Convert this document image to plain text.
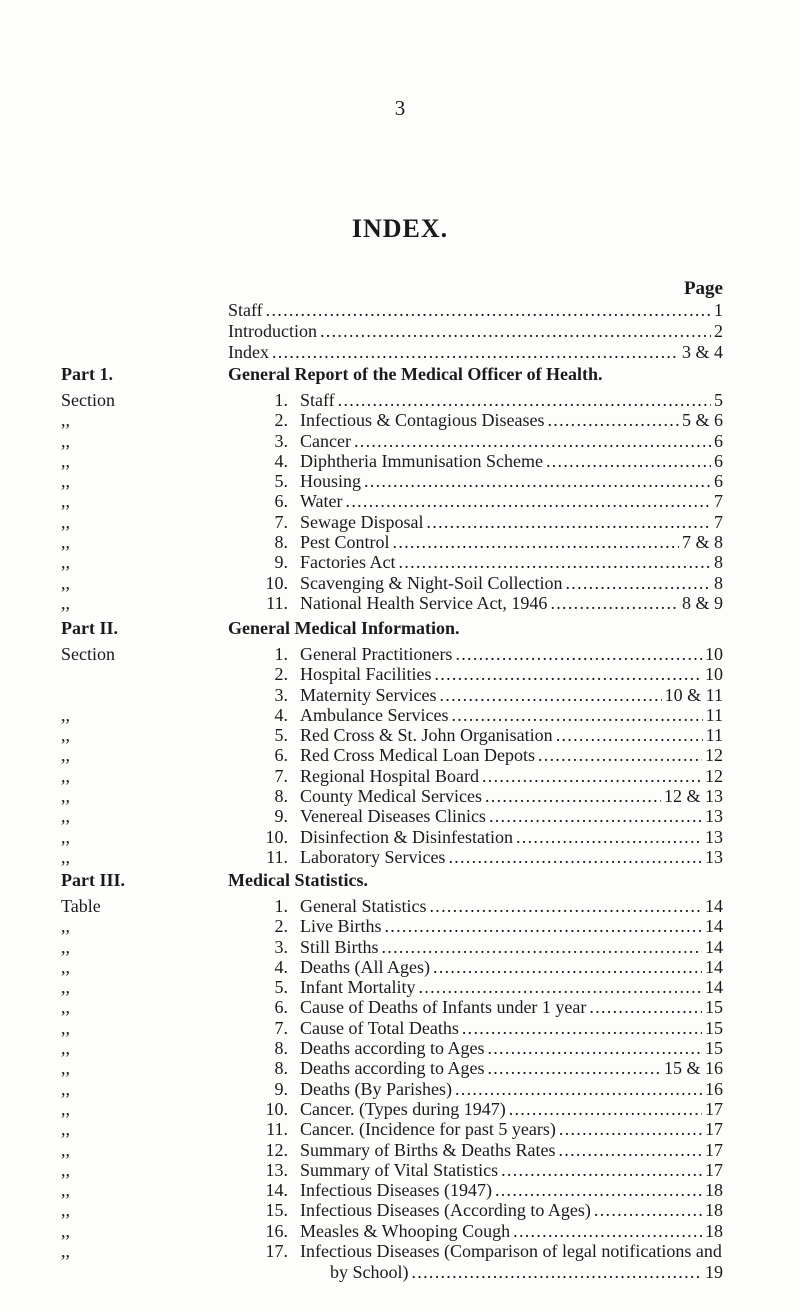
3
INDEX.
Page
Staff . . .	1
Introduction . . .	2
Index . . .	3 & 4
Part 1.	General Report of the Medical Officer of Health.
Section	1. Staff . . .	5
,,	2. Infectious & Contagious Diseases . . .	5 & 6
,,	3. Cancer . . .	6
,,	4. Diphtheria Immunisation Scheme . . .	6
,,	5. Housing . . .	6
,,	6. Water . . .	7
,,	7. Sewage Disposal . . .	7
,,	8. Pest Control . . .	7 & 8
,,	9. Factories Act . . .	8
,,	10. Scavenging & Night-Soil Collection . . .	8
,,	11. National Health Service Act, 1946 . . .	8 & 9
Part II.	General Medical Information.
Section	1. General Practitioners . . .	10
2. Hospital Facilities . . .	10
3. Maternity Services . . .	10 & 11
,,	4. Ambulance Services . . .	11
,,	5. Red Cross & St. John Organisation . . .	11
,,	6. Red Cross Medical Loan Depots . . .	12
,,	7. Regional Hospital Board . . .	12
,,	8. County Medical Services . . .	12 & 13
,,	9. Venereal Diseases Clinics . . .	13
,,	10. Disinfection & Disinfestation . . .	13
,,	11. Laboratory Services . . .	13
Part III.	Medical Statistics.
Table	1. General Statistics . . .	14
,,	2. Live Births . . .	14
,,	3. Still Births . . .	14
,,	4. Deaths (All Ages) . . .	14
,,	5. Infant Mortality . . .	14
,,	6. Cause of Deaths of Infants under 1 year . . .	15
,,	7. Cause of Total Deaths . . .	15
,,	8. Deaths according to Ages . . .	15
,,	8. Deaths according to Ages . . .	15 & 16
,,	9. Deaths (By Parishes) . . .	16
,,	10. Cancer. (Types during 1947) . . .	17
,,	11. Cancer. (Incidence for past 5 years) . . .	17
,,	12. Summary of Births & Deaths Rates . . .	17
,,	13. Summary of Vital Statistics . . .	17
,,	14. Infectious Diseases (1947) . . .	18
,,	15. Infectious Diseases (According to Ages) . . .	18
,,	16. Measles & Whooping Cough . . .	18
,,	17. Infectious Diseases (Comparison of legal notifications and
by School) . . .	19
